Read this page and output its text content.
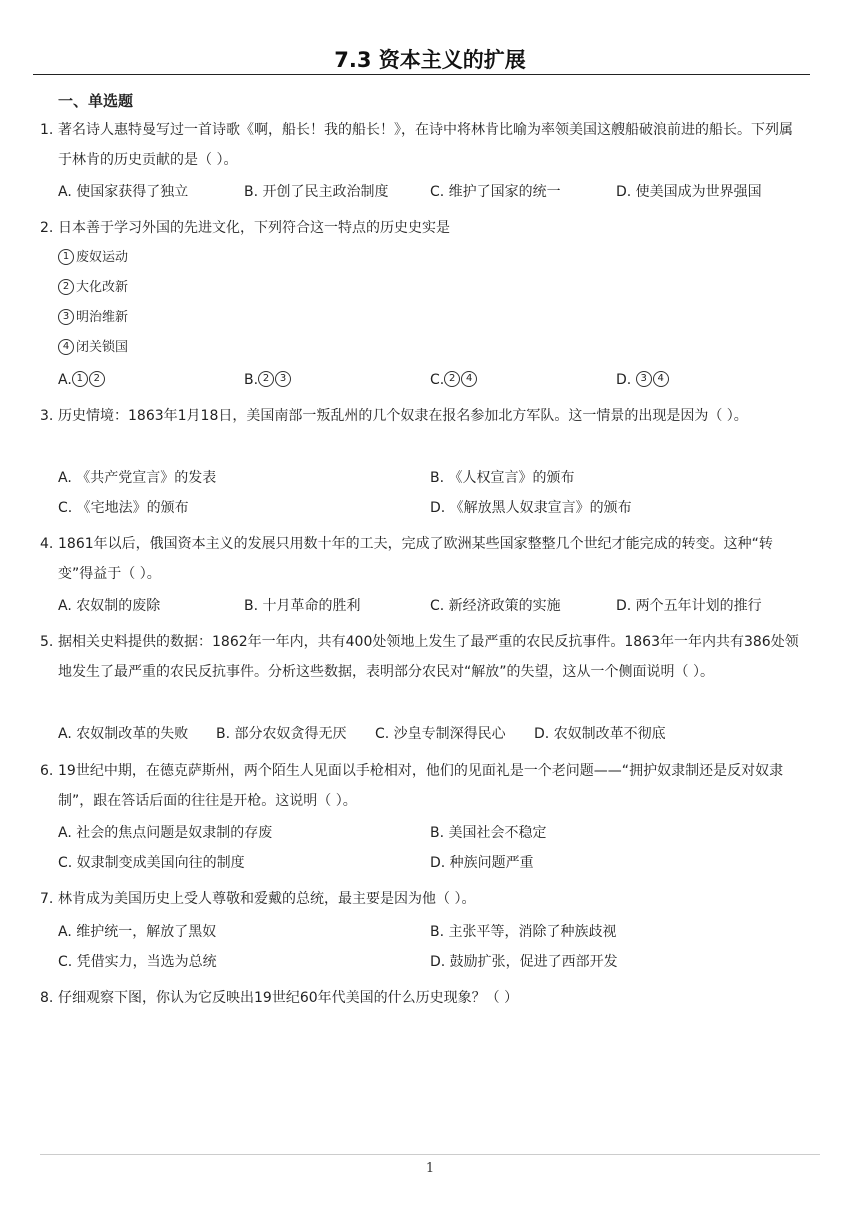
7.3 资本主义的扩展
一、单选题
1. 著名诗人惠特曼写过一首诗歌《啊，船长！我的船长！》，在诗中将林肯比喻为率领美国这艘船破浪前进的船长。下列属于林肯的历史贡献的是（ ）。
A. 使国家获得了独立	B. 开创了民主政治制度	C. 维护了国家的统一	D. 使美国成为世界强国
2. 日本善于学习外国的先进文化，下列符合这一特点的历史史实是
1 废奴运动
2 大化改新
3 明治维新
4 闭关锁国
A. 1 2	B. 2 3	C. 2 4	D. 3 4
3. 历史情境：1863年1月18日，美国南部一叛乱州的几个奴隶在报名参加北方军队。这一情景的出现是因为（ ）。
A. 《共产党宣言》的发表	B. 《人权宣言》的颁布
C. 《宅地法》的颁布	D. 《解放黑人奴隶宣言》的颁布
4. 1861年以后，俄国资本主义的发展只用数十年的工夫，完成了欧洲某些国家整整几个世纪才能完成的转变。这种“转变”得益于（ ）。
A. 农奴制的废除	B. 十月革命的胜利	C. 新经济政策的实施	D. 两个五年计划的推行
5. 据相关史料提供的数据：1862年一年内，共有400处领地上发生了最严重的农民反抗事件。1863年一年内共有386处领地发生了最严重的农民反抗事件。分析这些数据，表明部分农民对“解放”的失望，这从一个侧面说明（ ）。
A. 农奴制改革的失败 B. 部分农奴贪得无厌 C. 沙皇专制深得民心 D. 农奴制改革不彻底
6. 19世纪中期，在德克萨斯州，两个陌生人见面以手枪相对，他们的见面礼是一个老问题——“拥护奴隶制还是反对奴隶制”，跟在答话后面的往往是开枪。这说明（ ）。
A. 社会的焦点问题是奴隶制的存废	B. 美国社会不稳定
C. 奴隶制变成美国向往的制度	D. 种族问题严重
7. 林肯成为美国历史上受人尊敬和爱戴的总统，最主要是因为他（ ）。
A. 维护统一，解放了黑奴	B. 主张平等，消除了种族歧视
C. 凭借实力，当选为总统	D. 鼓励扩张，促进了西部开发
8. 仔细观察下图，你认为它反映出19世纪60年代美国的什么历史现象？（ ）
1
